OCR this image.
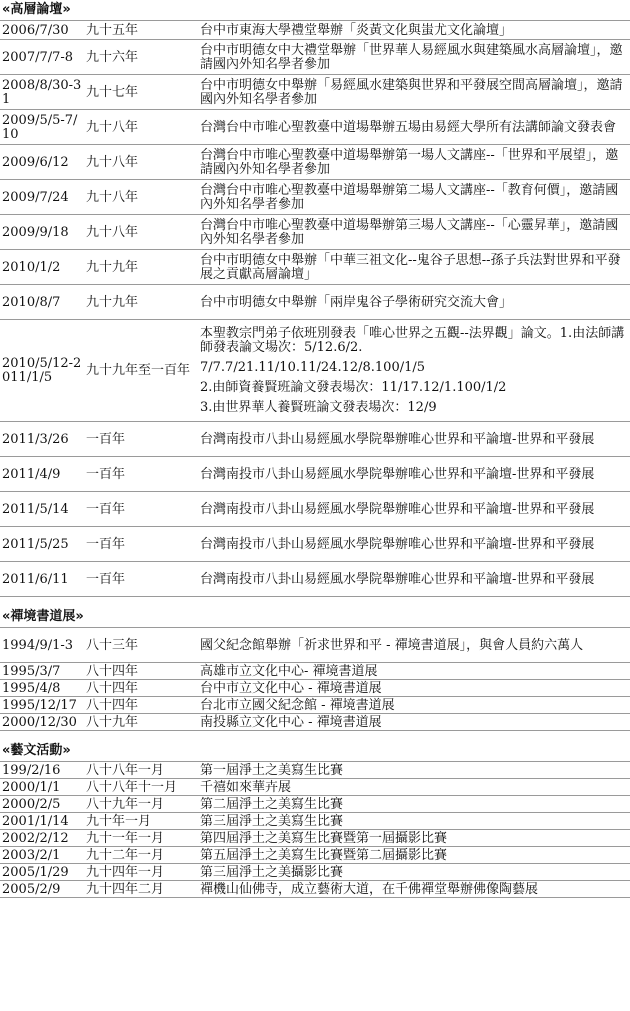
«高層論壇»
2006/7/30	九十五年	台中市東海大學禮堂舉辦「炎黃文化與蚩尤文化論壇」
2007/7/7-8	九十六年	台中市明德女中大禮堂舉辦「世界華人易經風水與建築風水高層論壇」，邀請國內外知名學者參加
2008/8/30-31	九十七年	台中市明德女中舉辦「易經風水建築與世界和平發展空間高層論壇」，邀請國內外知名學者參加
2009/5/5-7/10	九十八年	台灣台中市唯心聖教臺中道場舉辦五場由易經大學所有法講師論文發表會
2009/6/12	九十八年	台灣台中市唯心聖教臺中道場舉辦第一場人文講座--「世界和平展望」，邀請國內外知名學者參加
2009/7/24	九十八年	台灣台中市唯心聖教臺中道場舉辦第二場人文講座--「教育何價」，邀請國內外知名學者參加
2009/9/18	九十八年	台灣台中市唯心聖教臺中道場舉辦第三場人文講座--「心靈昇華」，邀請國內外知名學者參加
2010/1/2	九十九年	台中市明德女中舉辦「中華三祖文化--鬼谷子思想--孫子兵法對世界和平發展之貢獻高層論壇」
2010/8/7	九十九年	台中市明德女中舉辦「兩岸鬼谷子學術研究交流大會」
2010/5/12-2011/1/5	九十九年至一百年	本聖教宗門弟子依班別發表「唯心世界之五觀--法界觀」論文。1.由法師講師發表論文場次：5/12.6/2.
7/7.7/21.11/10.11/24.12/8.100/1/5
2.由師資養賢班論文發表場次：11/17.12/1.100/1/2
3.由世界華人養賢班論文發表場次：12/9

2011/3/26	一百年	台灣南投市八卦山易經風水學院舉辦唯心世界和平論壇-世界和平發展
2011/4/9	一百年	台灣南投市八卦山易經風水學院舉辦唯心世界和平論壇-世界和平發展
2011/5/14	一百年	台灣南投市八卦山易經風水學院舉辦唯心世界和平論壇-世界和平發展
2011/5/25	一百年	台灣南投市八卦山易經風水學院舉辦唯心世界和平論壇-世界和平發展
2011/6/11	一百年	台灣南投市八卦山易經風水學院舉辦唯心世界和平論壇-世界和平發展
«禪境書道展»
1994/9/1-3	八十三年	國父紀念館舉辦「祈求世界和平 - 禪境書道展」，與會人員約六萬人
1995/3/7	八十四年	高雄市立文化中心- 禪境書道展
1995/4/8	八十四年	台中市立文化中心 - 禪境書道展
1995/12/17	八十四年	台北市立國父紀念館 - 禪境書道展
2000/12/30	八十九年	南投縣立文化中心 - 禪境書道展
«藝文活動»
199/2/16	八十八年一月	第一屆淨土之美寫生比賽
2000/1/1	八十八年十一月	千禧如來華卉展
2000/2/5	八十九年一月	第二屆淨土之美寫生比賽
2001/1/14	九十年一月	第三屆淨土之美寫生比賽
2002/2/12	九十一年一月	第四屆淨土之美寫生比賽暨第一屆攝影比賽
2003/2/1	九十二年一月	第五屆淨土之美寫生比賽暨第二屆攝影比賽
2005/1/29	九十四年一月	第三屆淨土之美攝影比賽
2005/2/9	九十四年二月	禪機山仙佛寺，成立藝術大道，在千佛禪堂舉辦佛像陶藝展
